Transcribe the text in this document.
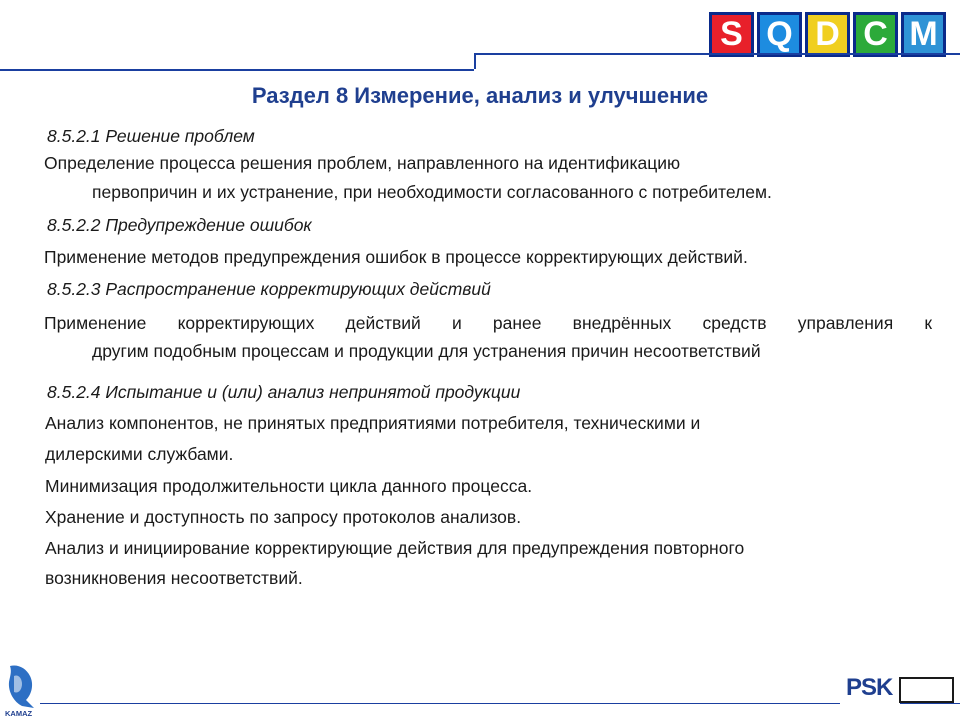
S Q D C M
Раздел 8 Измерение, анализ и улучшение
8.5.2.1 Решение проблем
Определение процесса решения проблем, направленного на идентификацию
первопричин и их устранение, при необходимости согласованного с потребителем.
8.5.2.2 Предупреждение ошибок
Применение методов предупреждения ошибок в процессе корректирующих действий.
8.5.2.3 Распространение корректирующих действий
Применение корректирующих действий и ранее внедрённых средств управления к
другим подобным процессам и продукции для устранения причин несоответствий
8.5.2.4 Испытание и (или) анализ непринятой продукции
Анализ компонентов, не принятых предприятиями потребителя, техническими и
дилерскими службами.
Минимизация продолжительности цикла данного процесса.
Хранение и доступность по запросу протоколов анализов.
Анализ и инициирование корректирующие действия для предупреждения повторного
возникновения несоответствий.
KAMAZ
PSK
